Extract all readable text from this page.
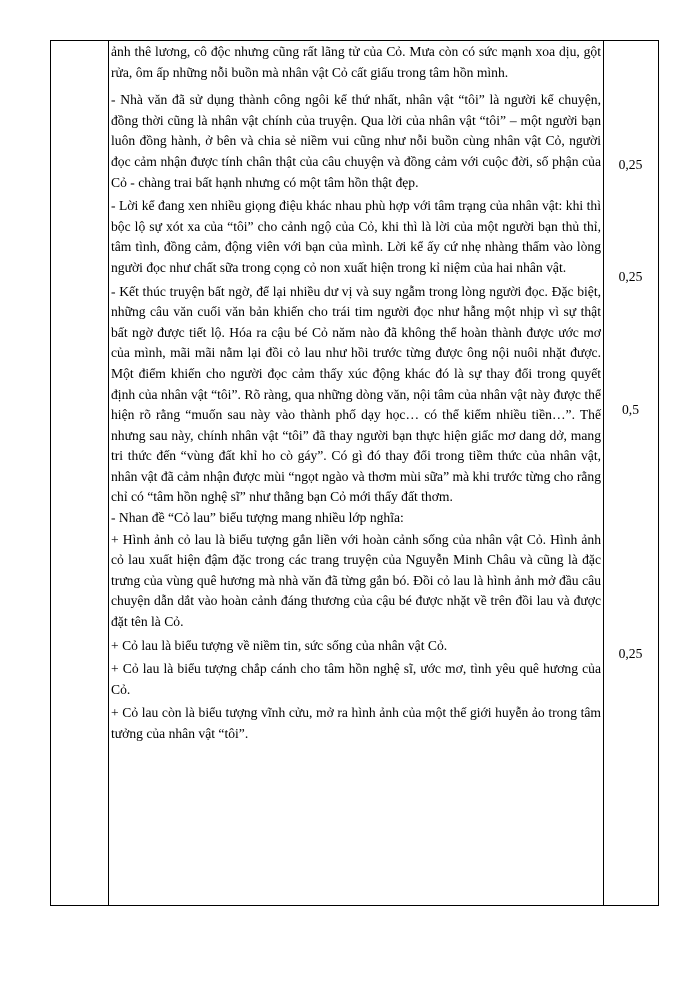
ảnh thê lương, cô độc nhưng cũng rất lãng tử của Cỏ. Mưa còn có sức mạnh xoa dịu, gột rửa, ôm ấp những nỗi buồn mà nhân vật Cỏ cất giấu trong tâm hồn mình.

- Nhà văn đã sử dụng thành công ngôi kể thứ nhất, nhân vật “tôi” là người kể chuyện, đồng thời cũng là nhân vật chính của truyện. Qua lời của nhân vật “tôi” – một người bạn luôn đồng hành, ở bên và chia sẻ niềm vui cũng như nỗi buồn cùng nhân vật Cỏ, người đọc cảm nhận được tính chân thật của câu chuyện và đồng cảm với cuộc đời, số phận của Cỏ - chàng trai bất hạnh nhưng có một tâm hồn thật đẹp.

- Lời kể đang xen nhiều giọng điệu khác nhau phù hợp với tâm trạng của nhân vật: khi thì bộc lộ sự xót xa của “tôi” cho cảnh ngộ của Cỏ, khi thì là lời của một người bạn thủ thỉ, tâm tình, đồng cảm, động viên với bạn của mình. Lời kể ấy cứ nhẹ nhàng thấm vào lòng người đọc như chất sữa trong cọng cỏ non xuất hiện trong kỉ niệm của hai nhân vật.

- Kết thúc truyện bất ngờ, để lại nhiều dư vị và suy ngẫm trong lòng người đọc. Đặc biệt, những câu văn cuối văn bản khiến cho trái tim người đọc như hẫng một nhịp vì sự thật bất ngờ được tiết lộ. Hóa ra cậu bé Cỏ năm nào đã không thể hoàn thành được ước mơ của mình, mãi mãi nằm lại đồi cỏ lau như hồi trước từng được ông nội nuôi nhặt được. Một điểm khiến cho người đọc cảm thấy xúc động khác đó là sự thay đổi trong quyết định của nhân vật “tôi”. Rõ ràng, qua những dòng văn, nội tâm của nhân vật này được thể hiện rõ rằng “muốn sau này vào thành phố dạy học… có thể kiếm nhiều tiền…”. Thế nhưng sau này, chính nhân vật “tôi” đã thay người bạn thực hiện giấc mơ dang dở, mang tri thức đến “vùng đất khỉ ho cò gáy”. Có gì đó thay đổi trong tiềm thức của nhân vật, nhân vật đã cảm nhận được mùi “ngọt ngào và thơm mùi sữa” mà khi trước từng cho rằng chỉ có “tâm hồn nghệ sĩ” như thằng bạn Cỏ mới thấy đất thơm.

- Nhan đề “Cỏ lau” biểu tượng mang nhiều lớp nghĩa:

+ Hình ảnh cỏ lau là biểu tượng gắn liền với hoàn cảnh sống của nhân vật Cỏ. Hình ảnh cỏ lau xuất hiện đậm đặc trong các trang truyện của Nguyễn Minh Châu và cũng là đặc trưng của vùng quê hương mà nhà văn đã từng gắn bó. Đồi cỏ lau là hình ảnh mở đầu câu chuyện dẫn dắt vào hoàn cảnh đáng thương của cậu bé được nhặt về trên đồi lau và được đặt tên là Cỏ.

+ Cỏ lau là biểu tượng về niềm tin, sức sống của nhân vật Cỏ.

+ Cỏ lau là biểu tượng chắp cánh cho tâm hồn nghệ sĩ, ước mơ, tình yêu quê hương của Cỏ.

+ Cỏ lau còn là biểu tượng vĩnh cửu, mở ra hình ảnh của một thế giới huyễn ảo trong tâm tưởng của nhân vật “tôi”.

0,25
0,25
0,5
0,25
